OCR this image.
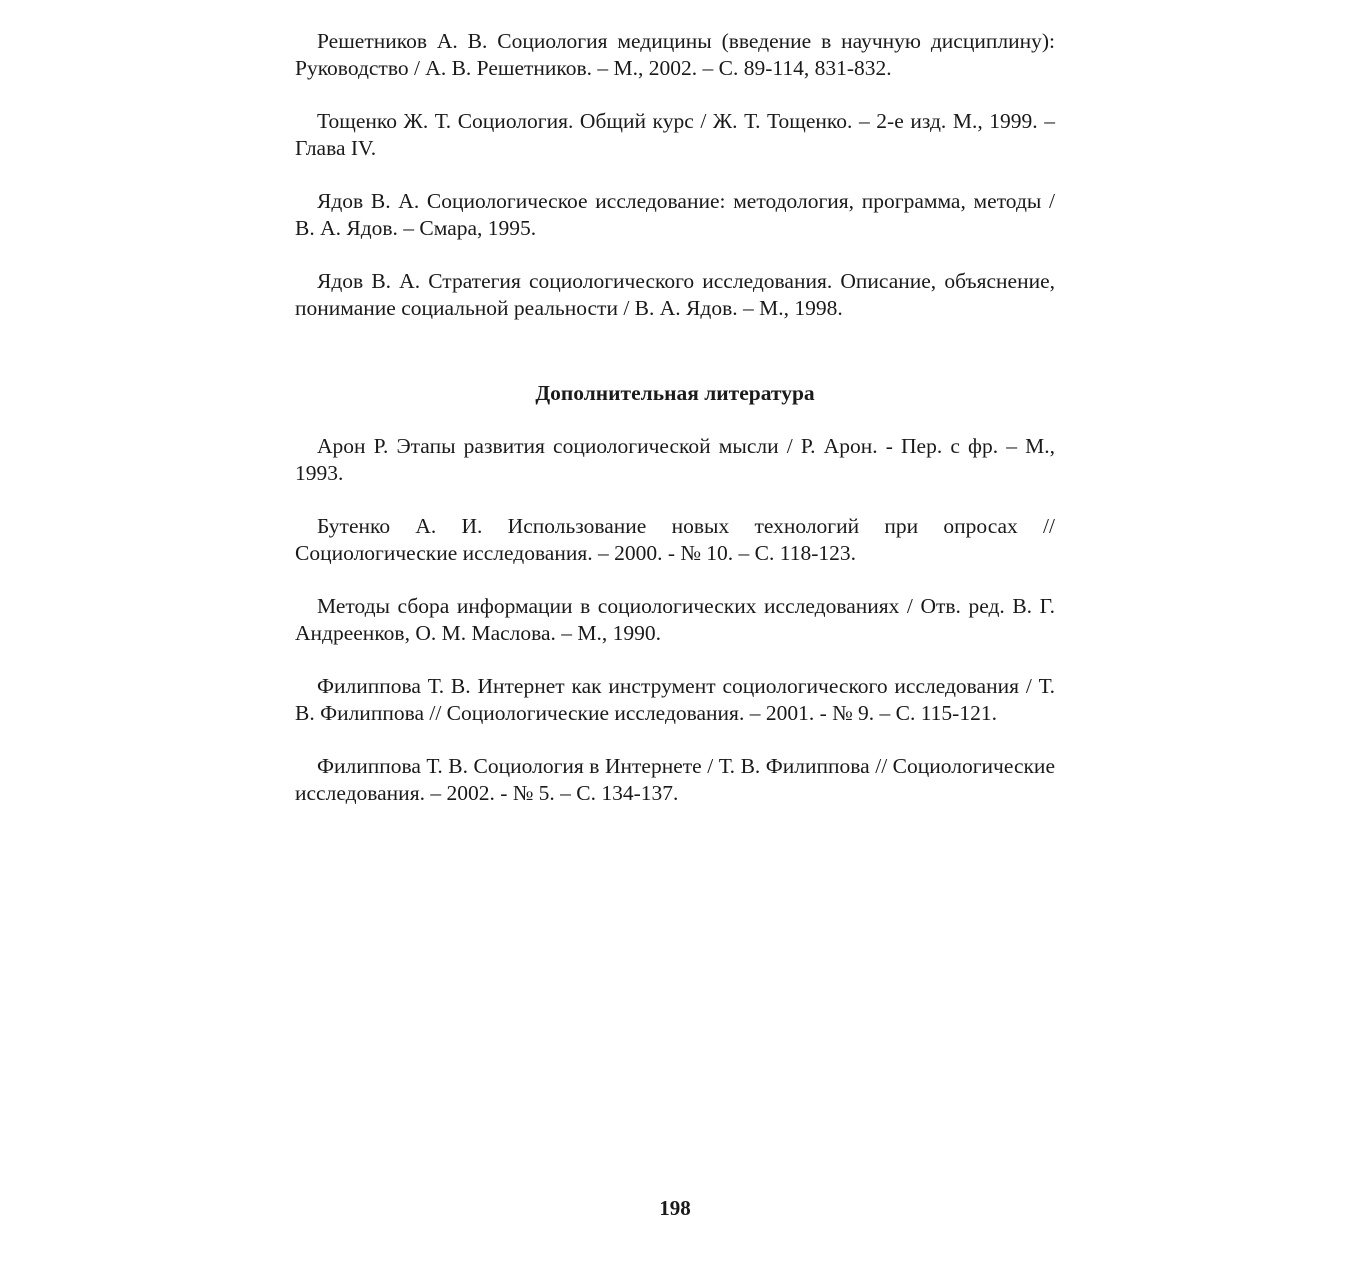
Решетников А. В. Социология медицины (введение в научную дисциплину): Руководство / А. В. Решетников. – М., 2002. – С. 89-114, 831-832.

Тощенко Ж. Т. Социология. Общий курс / Ж. Т. Тощенко. – 2-е изд. М., 1999. – Глава IV.

Ядов В. А. Социологическое исследование: методология, программа, методы / В. А. Ядов. – Смара, 1995.

Ядов В. А. Стратегия социологического исследования. Описание, объяснение, понимание социальной реальности / В. А. Ядов. – М., 1998.

Дополнительная литература

Арон Р. Этапы развития социологической мысли / Р. Арон. - Пер. с фр. – М., 1993.

Бутенко А. И. Использование новых технологий при опросах // Социологические исследования. – 2000. - № 10. – С. 118-123.

Методы сбора информации в социологических исследованиях / Отв. ред. В. Г. Андреенков, О. М. Маслова. – М., 1990.

Филиппова Т. В. Интернет как инструмент социологического исследования / Т. В. Филиппова // Социологические исследования. – 2001. - № 9. – С. 115-121.

Филиппова Т. В. Социология в Интернете / Т. В. Филиппова // Социологические исследования. – 2002. - № 5. – С. 134-137.

198
